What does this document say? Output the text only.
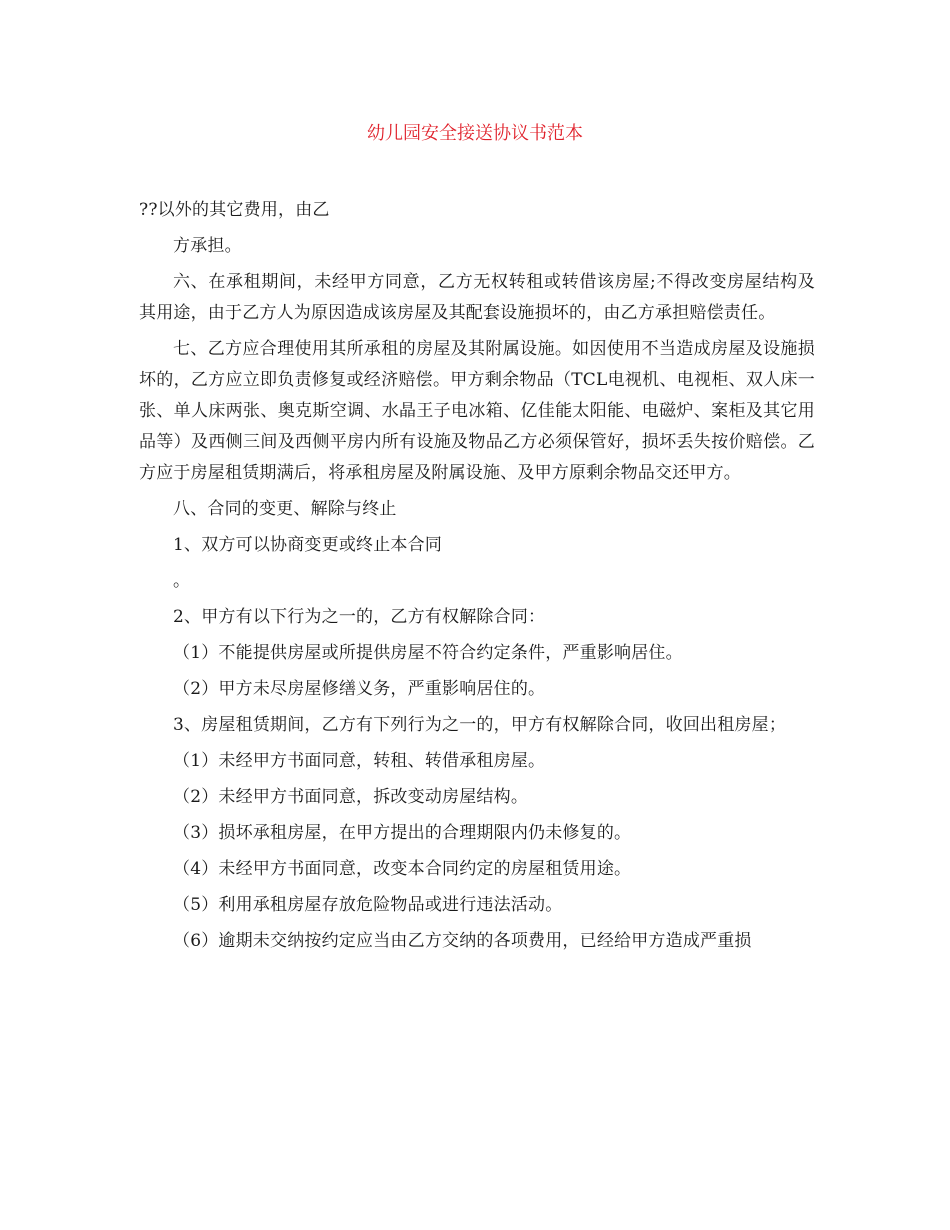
幼儿园安全接送协议书范本

??以外的其它费用，由乙

方承担。

六、在承租期间，未经甲方同意，乙方无权转租或转借该房屋;不得改变房屋结构及其用途，由于乙方人为原因造成该房屋及其配套设施损坏的，由乙方承担赔偿责任。

七、乙方应合理使用其所承租的房屋及其附属设施。如因使用不当造成房屋及设施损坏的，乙方应立即负责修复或经济赔偿。甲方剩余物品（TCL电视机、电视柜、双人床一张、单人床两张、奥克斯空调、水晶王子电冰箱、亿佳能太阳能、电磁炉、案柜及其它用品等）及西侧三间及西侧平房内所有设施及物品乙方必须保管好，损坏丢失按价赔偿。乙方应于房屋租赁期满后，将承租房屋及附属设施、及甲方原剩余物品交还甲方。

八、合同的变更、解除与终止

1、双方可以协商变更或终止本合同

。

2、甲方有以下行为之一的，乙方有权解除合同：

（1）不能提供房屋或所提供房屋不符合约定条件，严重影响居住。

（2）甲方未尽房屋修缮义务，严重影响居住的。

3、房屋租赁期间，乙方有下列行为之一的，甲方有权解除合同，收回出租房屋；

（1）未经甲方书面同意，转租、转借承租房屋。

（2）未经甲方书面同意，拆改变动房屋结构。

（3）损坏承租房屋，在甲方提出的合理期限内仍未修复的。

（4）未经甲方书面同意，改变本合同约定的房屋租赁用途。

（5）利用承租房屋存放危险物品或进行违法活动。

（6）逾期未交纳按约定应当由乙方交纳的各项费用，已经给甲方造成严重损
